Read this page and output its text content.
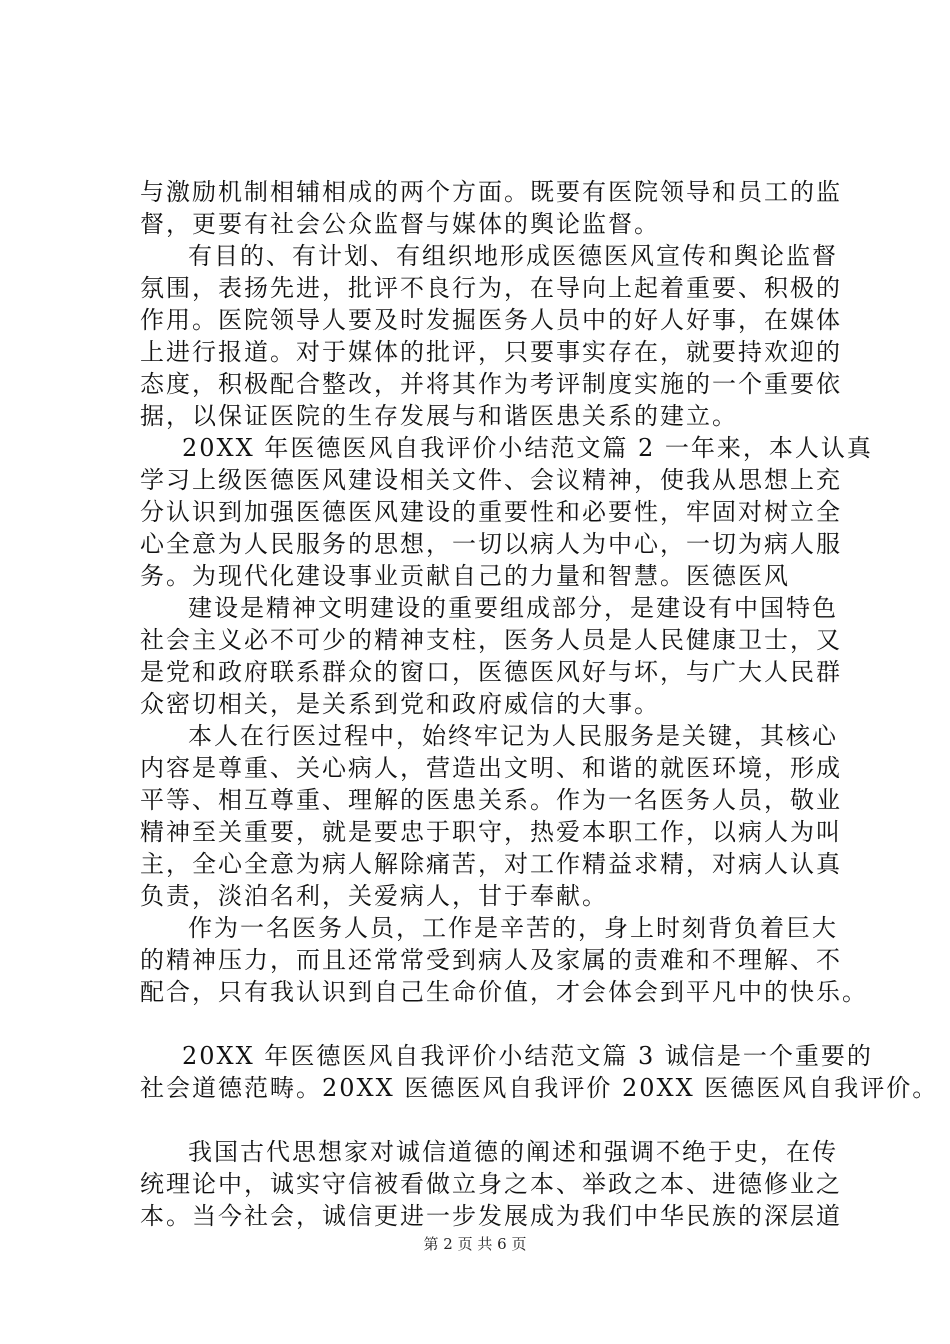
与激励机制相辅相成的两个方面。既要有医院领导和员工的监
督，更要有社会公众监督与媒体的舆论监督。
有目的、有计划、有组织地形成医德医风宣传和舆论监督
氛围，表扬先进，批评不良行为，在导向上起着重要、积极的
作用。医院领导人要及时发掘医务人员中的好人好事，在媒体
上进行报道。对于媒体的批评，只要事实存在，就要持欢迎的
态度，积极配合整改，并将其作为考评制度实施的一个重要依
据，以保证医院的生存发展与和谐医患关系的建立。
20XX 年医德医风自我评价小结范文篇 2 一年来，本人认真
学习上级医德医风建设相关文件、会议精神，使我从思想上充
分认识到加强医德医风建设的重要性和必要性，牢固对树立全
心全意为人民服务的思想，一切以病人为中心，一切为病人服
务。为现代化建设事业贡献自己的力量和智慧。医德医风
建设是精神文明建设的重要组成部分，是建设有中国特色
社会主义必不可少的精神支柱，医务人员是人民健康卫士，又
是党和政府联系群众的窗口，医德医风好与坏，与广大人民群
众密切相关，是关系到党和政府威信的大事。
本人在行医过程中，始终牢记为人民服务是关键，其核心
内容是尊重、关心病人，营造出文明、和谐的就医环境，形成
平等、相互尊重、理解的医患关系。作为一名医务人员，敬业
精神至关重要，就是要忠于职守，热爱本职工作，以病人为叫
主，全心全意为病人解除痛苦，对工作精益求精，对病人认真
负责，淡泊名利，关爱病人，甘于奉献。
作为一名医务人员，工作是辛苦的，身上时刻背负着巨大
的精神压力，而且还常常受到病人及家属的责难和不理解、不
配合，只有我认识到自己生命价值，才会体会到平凡中的快乐。
20XX 年医德医风自我评价小结范文篇 3 诚信是一个重要的
社会道德范畴。20XX 医德医风自我评价 20XX 医德医风自我评价。
我国古代思想家对诚信道德的阐述和强调不绝于史，在传
统理论中，诚实守信被看做立身之本、举政之本、进德修业之
本。当今社会，诚信更进一步发展成为我们中华民族的深层道
第 2 页 共 6 页
